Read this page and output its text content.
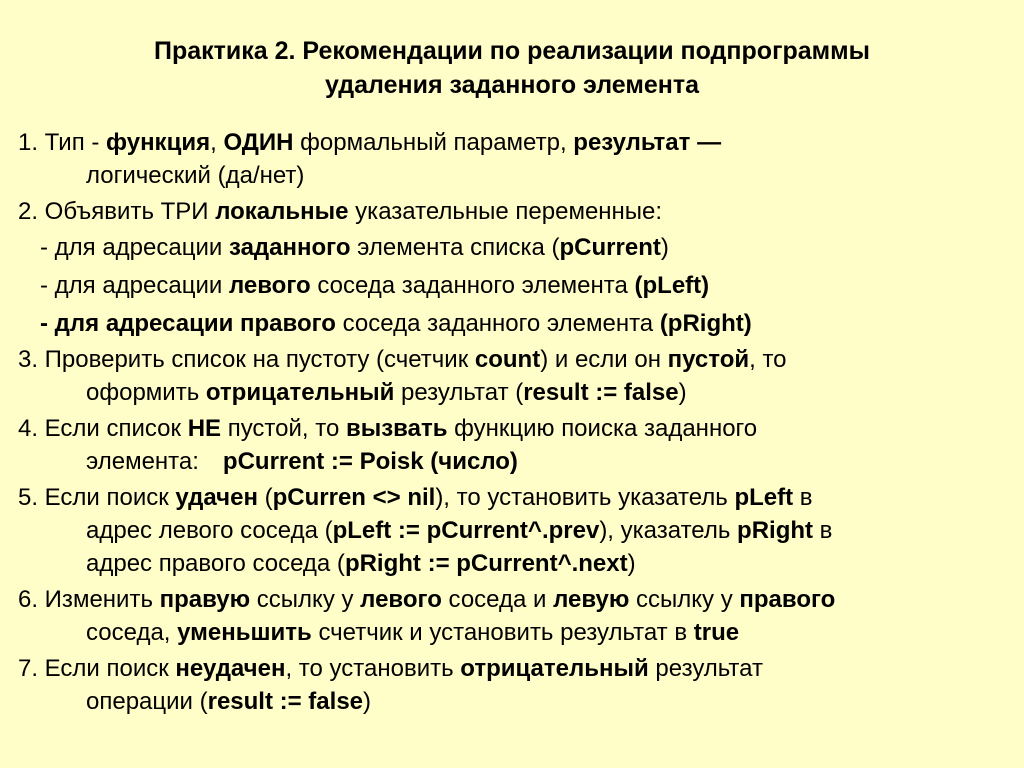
Практика 2. Рекомендации по реализации подпрограммы
удаления заданного элемента
1. Тип - функция, ОДИН формальный параметр, результат —
логический (да/нет)
2. Объявить ТРИ локальные указательные переменные:
- для адресации заданного элемента списка (pCurrent)
- для адресации левого соседа заданного элемента (pLeft)
- для адресации правого соседа заданного элемента (pRight)
3. Проверить список на пустоту (счетчик count) и если он пустой, то
оформить отрицательный результат (result := false)
4. Если список НЕ пустой, то вызвать функцию поиска заданного
элемента: pCurrent := Poisk (число)
5. Если поиск удачен (pCurren <> nil), то установить указатель pLeft в
адрес левого соседа (pLeft := pCurrent^.prev), указатель pRight в
адрес правого соседа (pRight := pCurrent^.next)
6. Изменить правую ссылку у левого соседа и левую ссылку у правого
соседа, уменьшить счетчик и установить результат в true
7. Если поиск неудачен, то установить отрицательный результат
операции (result := false)
